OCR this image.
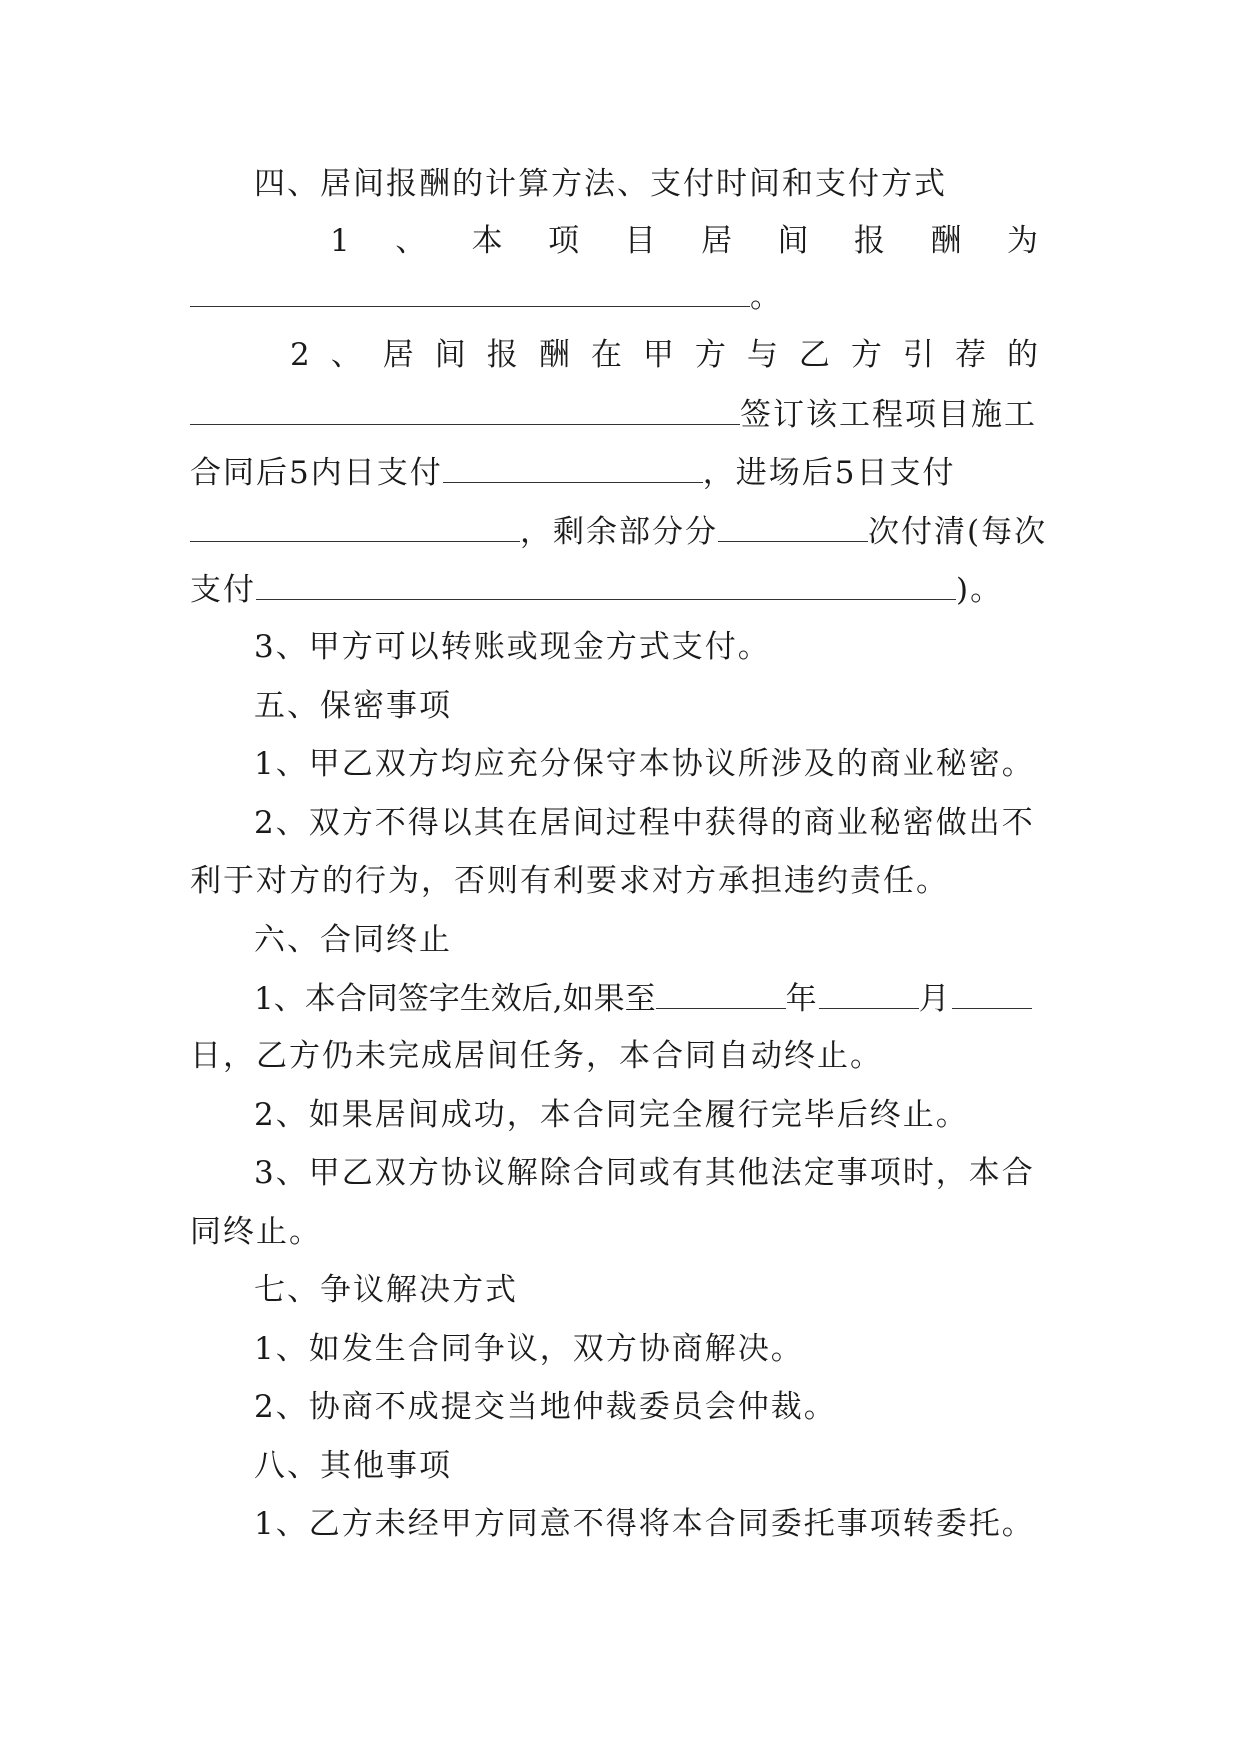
四、居间报酬的计算方法、支付时间和支付方式
1 、 本 项 目 居 间 报 酬 为
。
2 、 居 间 报 酬 在 甲 方 与 乙 方 引 荐 的
签订该工程项目施工
合同后5内日支付	，进场后5日支付
，剩余部分分	次付清(每次
支付	)。
3、甲方可以转账或现金方式支付。
五、保密事项
1、甲乙双方均应充分保守本协议所涉及的商业秘密。
2、双方不得以其在居间过程中获得的商业秘密做出不
利于对方的行为，否则有利要求对方承担违约责任。
六、合同终止
1、本合同签字生效后,如果至	年	月
日，乙方仍未完成居间任务，本合同自动终止。
2、如果居间成功，本合同完全履行完毕后终止。
3、甲乙双方协议解除合同或有其他法定事项时，本合
同终止。
七、争议解决方式
1、如发生合同争议，双方协商解决。
2、协商不成提交当地仲裁委员会仲裁。
八、其他事项
1、乙方未经甲方同意不得将本合同委托事项转委托。
